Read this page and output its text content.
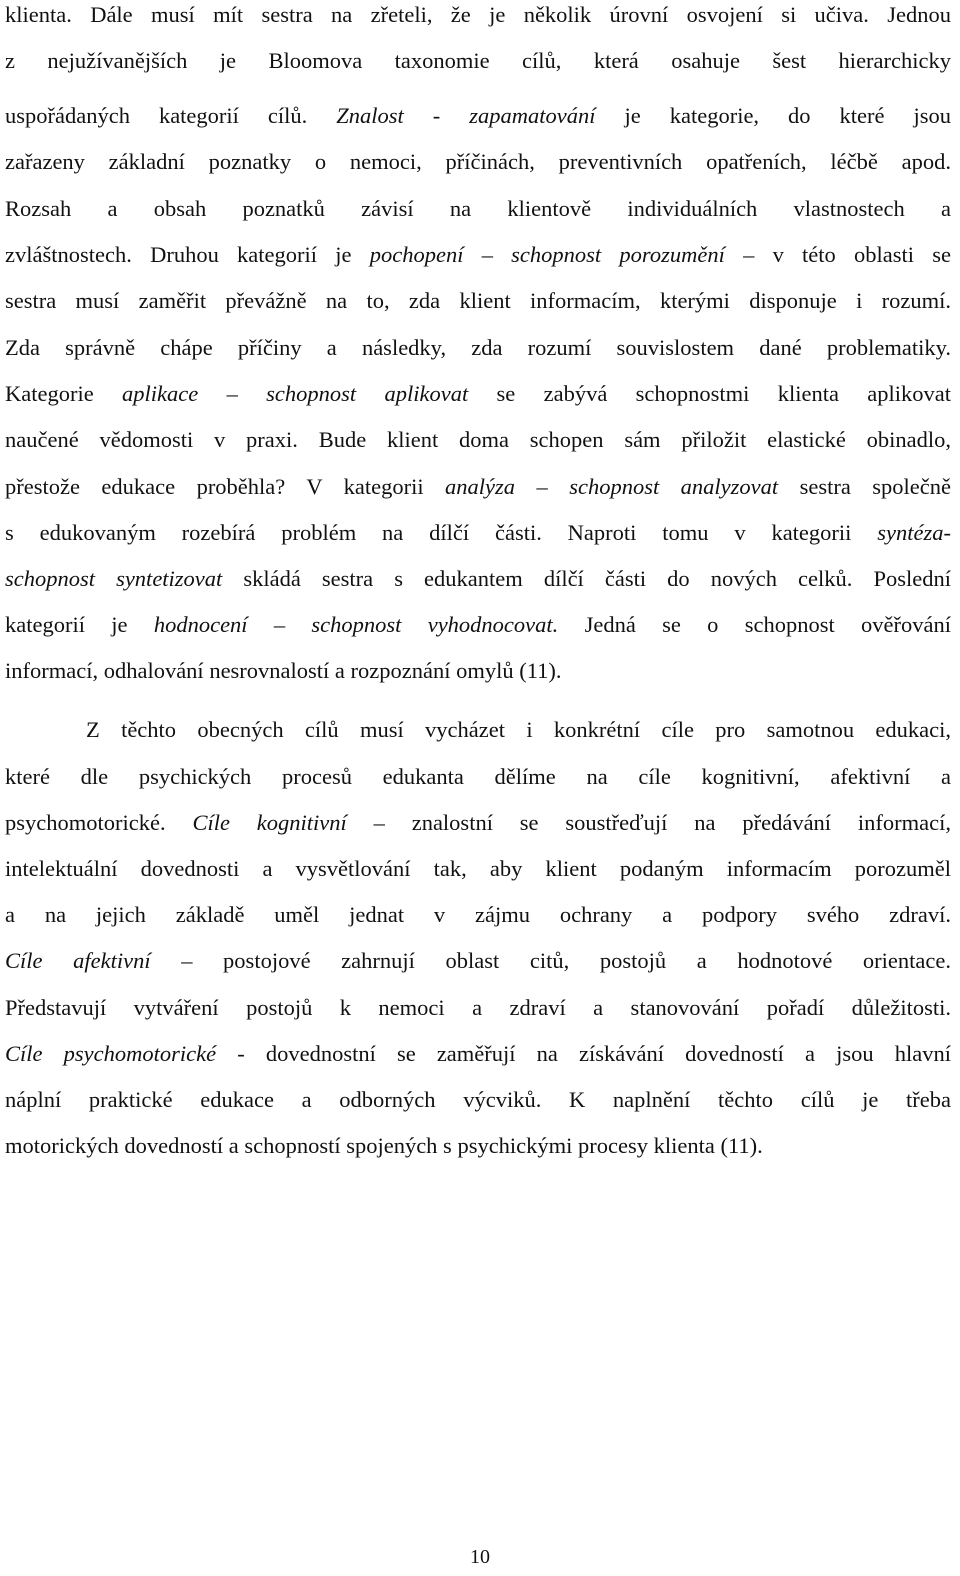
klienta. Dále musí mít sestra na zřeteli, že je několik úrovní osvojení si učiva. Jednou
z nejužívanějších je Bloomova taxonomie cílů, která osahuje šest hierarchicky
uspořádaných kategorií cílů. Znalost - zapamatování je kategorie, do které jsou
zařazeny základní poznatky o nemoci, příčinách, preventivních opatřeních, léčbě apod.
Rozsah a obsah poznatků závisí na klientově individuálních vlastnostech a
zvláštnostech. Druhou kategorií je pochopení – schopnost porozumění – v této oblasti se
sestra musí zaměřit převážně na to, zda klient informacím, kterými disponuje i rozumí.
Zda správně chápe příčiny a následky, zda rozumí souvislostem dané problematiky.
Kategorie aplikace – schopnost aplikovat se zabývá schopnostmi klienta aplikovat
naučené vědomosti v praxi. Bude klient doma schopen sám přiložit elastické obinadlo,
přestože edukace proběhla? V kategorii analýza – schopnost analyzovat sestra společně
s edukovaným rozebírá problém na dílčí části. Naproti tomu v kategorii syntéza-
schopnost syntetizovat skládá sestra s edukantem dílčí části do nových celků. Poslední
kategorií je hodnocení – schopnost vyhodnocovat. Jedná se o schopnost ověřování
informací, odhalování nesrovnalostí a rozpoznání omylů (11).
Z těchto obecných cílů musí vycházet i konkrétní cíle pro samotnou edukaci,
které dle psychických procesů edukanta dělíme na cíle kognitivní, afektivní a
psychomotorické. Cíle kognitivní – znalostní se soustřeďují na předávání informací,
intelektuální dovednosti a vysvětlování tak, aby klient podaným informacím porozuměl
a na jejich základě uměl jednat v zájmu ochrany a podpory svého zdraví.
Cíle afektivní – postojové zahrnují oblast citů, postojů a hodnotové orientace.
Představují vytváření postojů k nemoci a zdraví a stanovování pořadí důležitosti.
Cíle psychomotorické - dovednostní se zaměřují na získávání dovedností a jsou hlavní
náplní praktické edukace a odborných výcviků. K naplnění těchto cílů je třeba
motorických dovedností a schopností spojených s psychickými procesy klienta (11).
10
